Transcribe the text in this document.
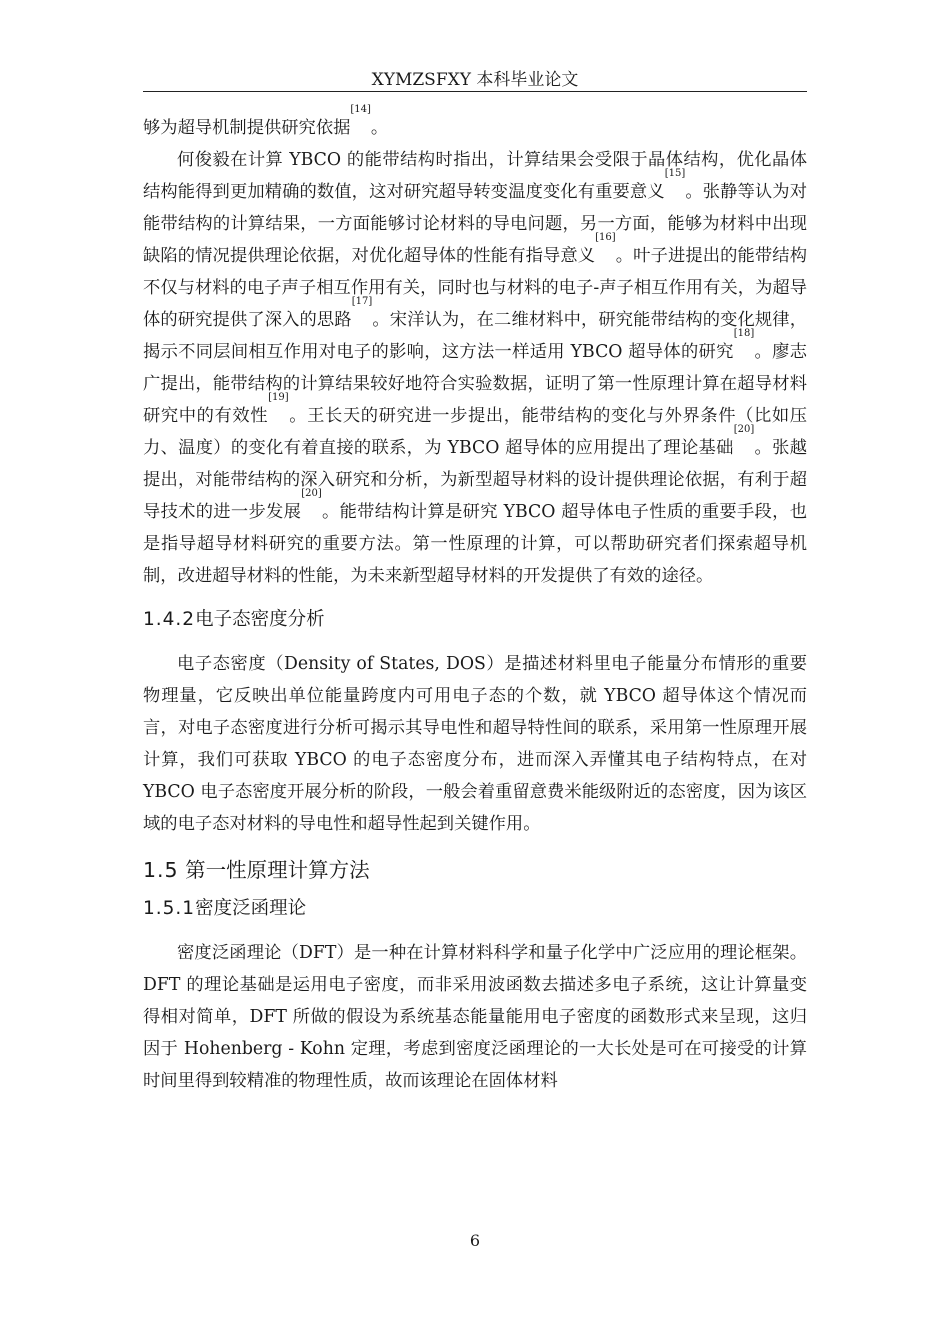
XYMZSFXY 本科毕业论文

够为超导机制提供研究依据[14]。

何俊毅在计算 YBCO 的能带结构时指出，计算结果会受限于晶体结构，优化晶体结构能得到更加精确的数值，这对研究超导转变温度变化有重要意义[15]。张静等认为对能带结构的计算结果，一方面能够讨论材料的导电问题，另一方面，能够为材料中出现缺陷的情况提供理论依据，对优化超导体的性能有指导意义[16]。叶子进提出的能带结构不仅与材料的电子声子相互作用有关，同时也与材料的电子-声子相互作用有关，为超导体的研究提供了深入的思路[17]。宋洋认为，在二维材料中，研究能带结构的变化规律，揭示不同层间相互作用对电子的影响，这方法一样适用 YBCO 超导体的研究[18]。廖志广提出，能带结构的计算结果较好地符合实验数据，证明了第一性原理计算在超导材料研究中的有效性[19]。王长天的研究进一步提出，能带结构的变化与外界条件（比如压力、温度）的变化有着直接的联系，为 YBCO 超导体的应用提出了理论基础[20]。张越提出，对能带结构的深入研究和分析，为新型超导材料的设计提供理论依据，有利于超导技术的进一步发展[20]。能带结构计算是研究 YBCO 超导体电子性质的重要手段，也是指导超导材料研究的重要方法。第一性原理的计算，可以帮助研究者们探索超导机制，改进超导材料的性能，为未来新型超导材料的开发提供了有效的途径。

1.4.2电子态密度分析

电子态密度（Density of States, DOS）是描述材料里电子能量分布情形的重要物理量，它反映出单位能量跨度内可用电子态的个数，就 YBCO 超导体这个情况而言，对电子态密度进行分析可揭示其导电性和超导特性间的联系，采用第一性原理开展计算，我们可获取 YBCO 的电子态密度分布，进而深入弄懂其电子结构特点，在对 YBCO 电子态密度开展分析的阶段，一般会着重留意费米能级附近的态密度，因为该区域的电子态对材料的导电性和超导性起到关键作用。

1.5 第一性原理计算方法
1.5.1密度泛函理论

密度泛函理论（DFT）是一种在计算材料科学和量子化学中广泛应用的理论框架。DFT 的理论基础是运用电子密度，而非采用波函数去描述多电子系统，这让计算量变得相对简单，DFT 所做的假设为系统基态能量能用电子密度的函数形式来呈现，这归因于 Hohenberg - Kohn 定理，考虑到密度泛函理论的一大长处是可在可接受的计算时间里得到较精准的物理性质，故而该理论在固体材料

6
